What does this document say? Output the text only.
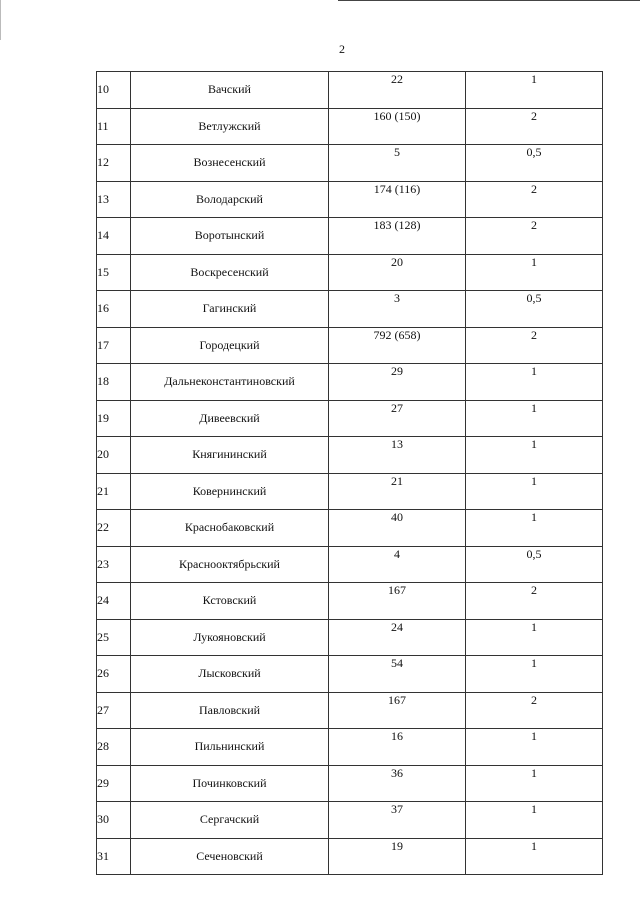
2
10	Вачский	22	1
11	Ветлужский	160 (150)	2
12	Вознесенский	5	0,5
13	Володарский	174 (116)	2
14	Воротынский	183 (128)	2
15	Воскресенский	20	1
16	Гагинский	3	0,5
17	Городецкий	792 (658)	2
18	Дальнеконстантиновский	29	1
19	Дивеевский	27	1
20	Княгининский	13	1
21	Ковернинский	21	1
22	Краснобаковский	40	1
23	Краснооктябрьский	4	0,5
24	Кстовский	167	2
25	Лукояновский	24	1
26	Лысковский	54	1
27	Павловский	167	2
28	Пильнинский	16	1
29	Починковский	36	1
30	Сергачский	37	1
31	Сеченовский	19	1
